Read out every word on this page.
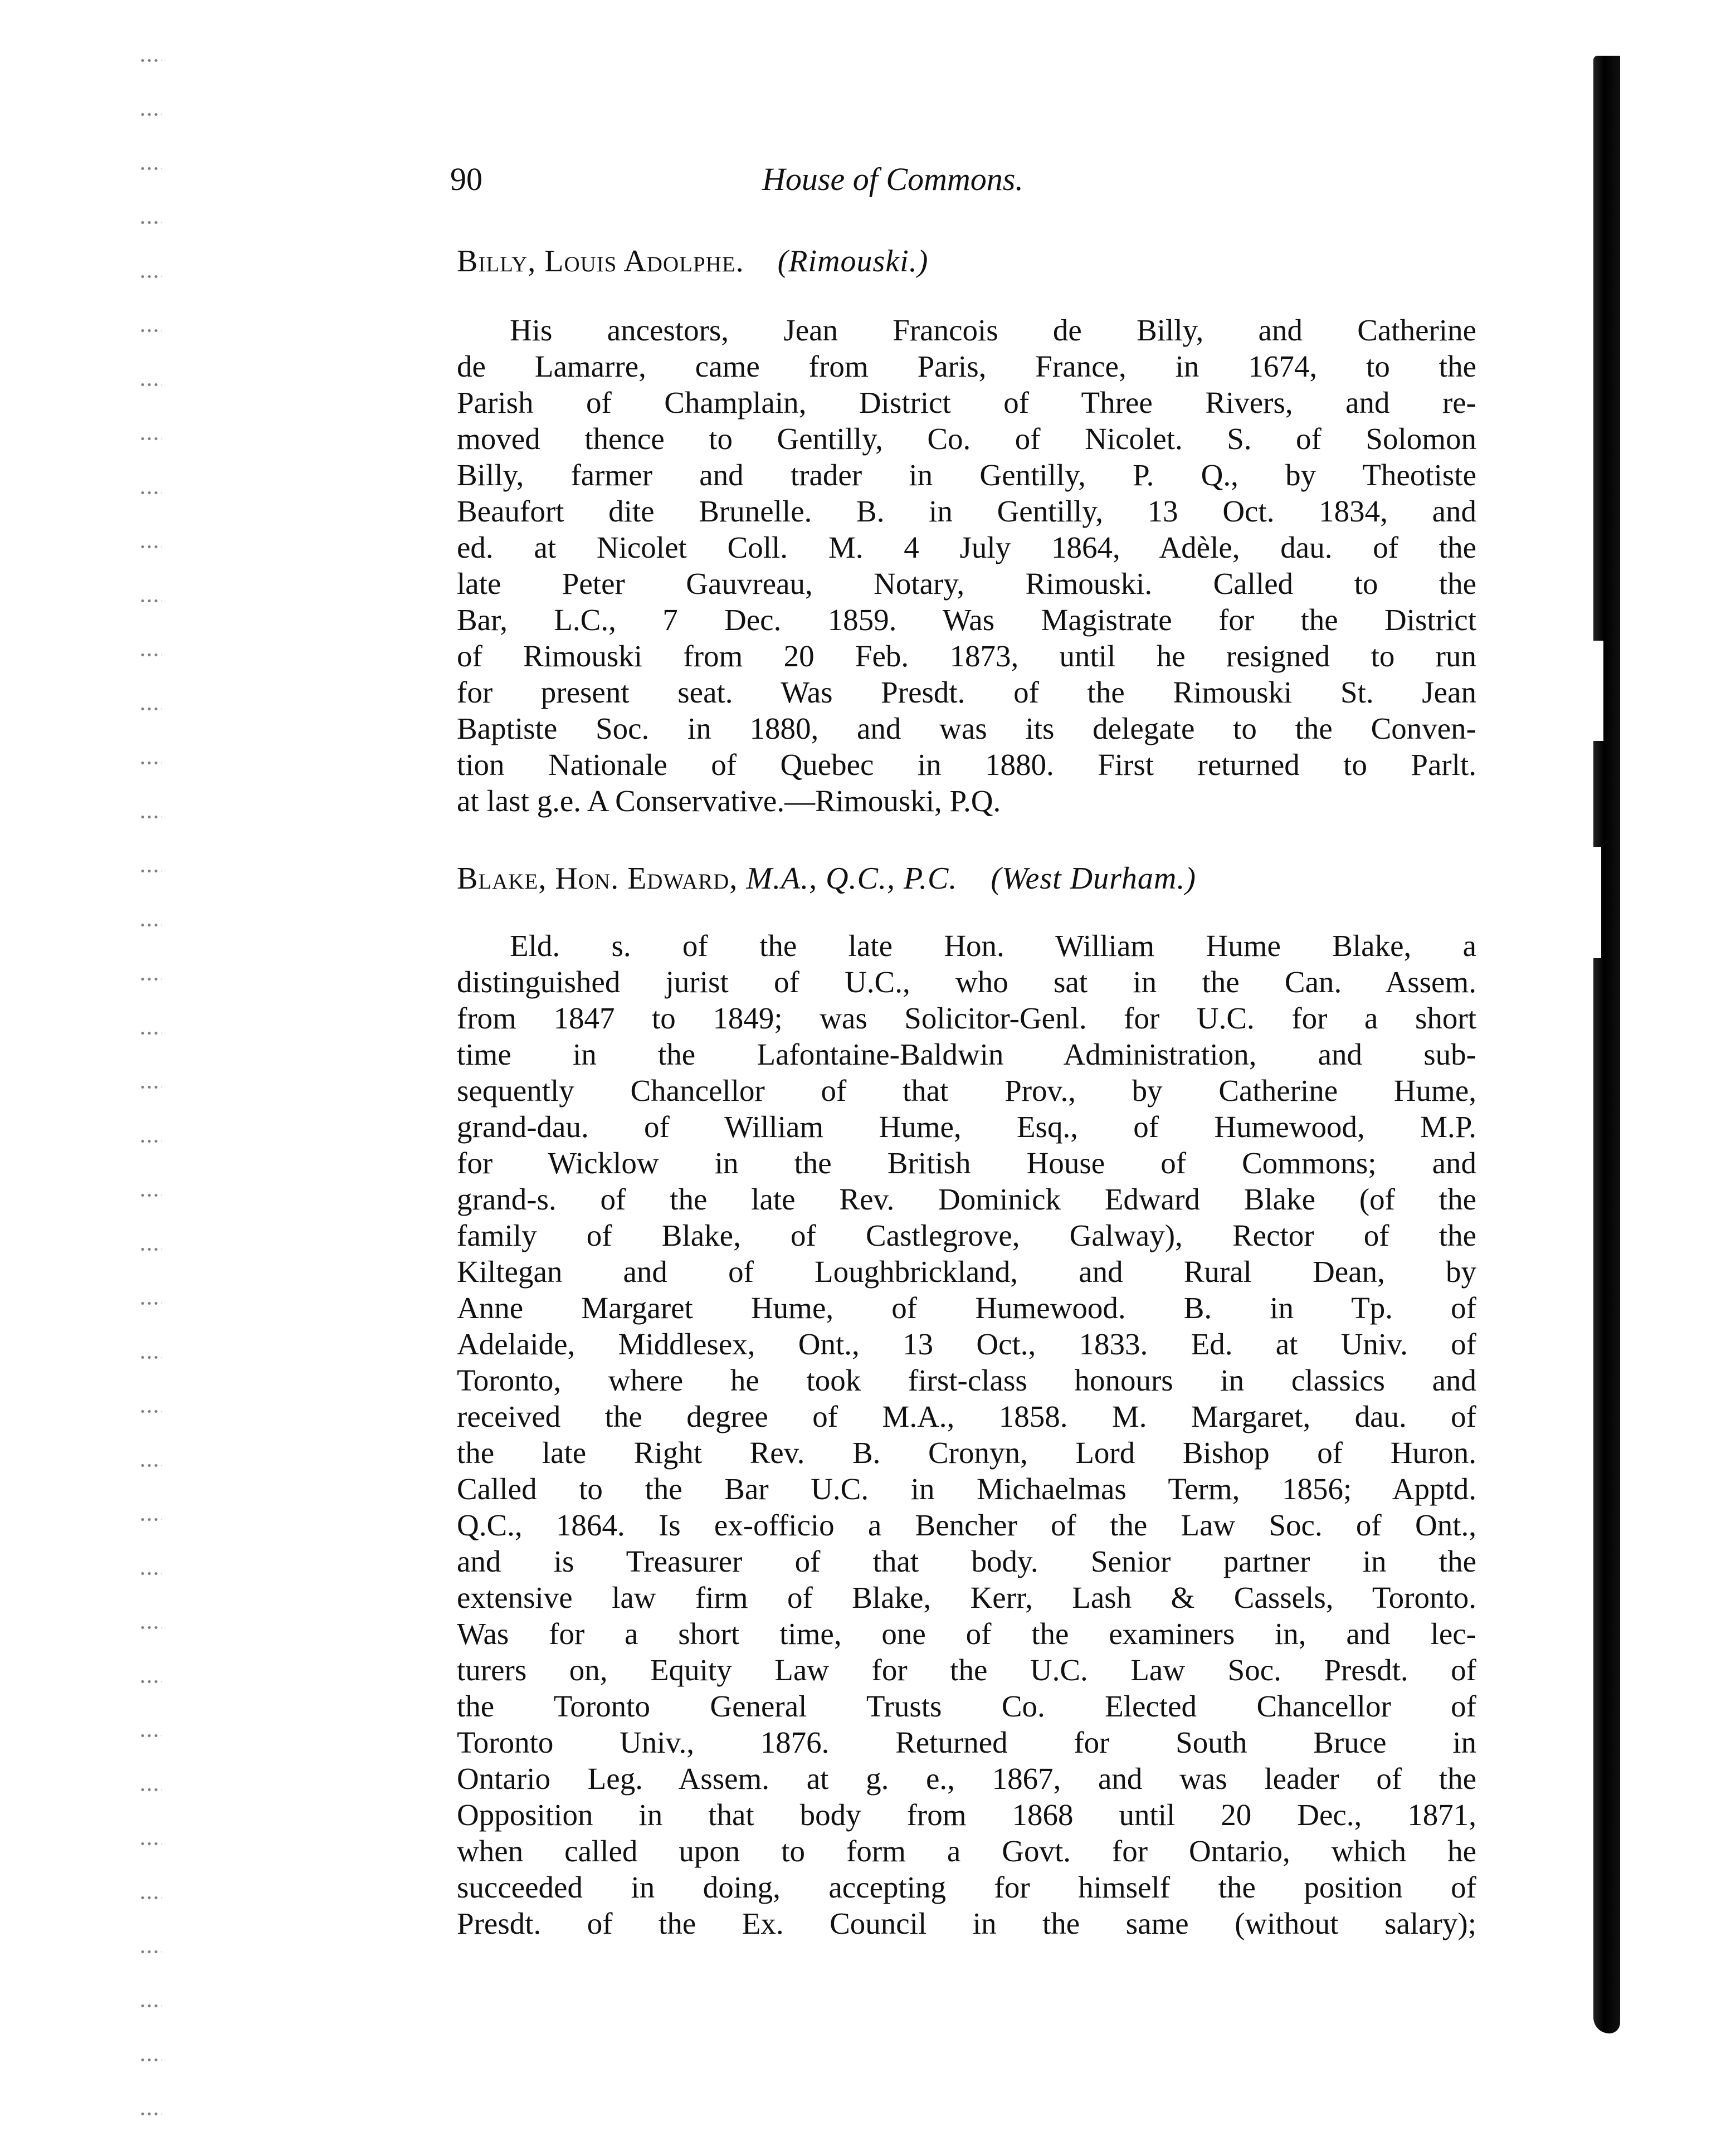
90	House of Commons.
Billy, Louis Adolphe. (Rimouski.)
His ancestors, Jean Francois de Billy, and Catherine
de Lamarre, came from Paris, France, in 1674, to the
Parish of Champlain, District of Three Rivers, and re-
moved thence to Gentilly, Co. of Nicolet. S. of Solomon
Billy, farmer and trader in Gentilly, P. Q., by Theotiste
Beaufort dite Brunelle. B. in Gentilly, 13 Oct. 1834, and
ed. at Nicolet Coll. M. 4 July 1864, Adèle, dau. of the
late Peter Gauvreau, Notary, Rimouski. Called to the
Bar, L.C., 7 Dec. 1859. Was Magistrate for the District
of Rimouski from 20 Feb. 1873, until he resigned to run
for present seat. Was Presdt. of the Rimouski St. Jean
Baptiste Soc. in 1880, and was its delegate to the Conven-
tion Nationale of Quebec in 1880. First returned to Parlt.
at last g.e. A Conservative.—Rimouski, P.Q.
Blake, Hon. Edward, M.A., Q.C., P.C. (West Durham.)
Eld. s. of the late Hon. William Hume Blake, a
distinguished jurist of U.C., who sat in the Can. Assem.
from 1847 to 1849; was Solicitor-Genl. for U.C. for a short
time in the Lafontaine-Baldwin Administration, and sub-
sequently Chancellor of that Prov., by Catherine Hume,
grand-dau. of William Hume, Esq., of Humewood, M.P.
for Wicklow in the British House of Commons; and
grand-s. of the late Rev. Dominick Edward Blake (of the
family of Blake, of Castlegrove, Galway), Rector of the
Kiltegan and of Loughbrickland, and Rural Dean, by
Anne Margaret Hume, of Humewood. B. in Tp. of
Adelaide, Middlesex, Ont., 13 Oct., 1833. Ed. at Univ. of
Toronto, where he took first-class honours in classics and
received the degree of M.A., 1858. M. Margaret, dau. of
the late Right Rev. B. Cronyn, Lord Bishop of Huron.
Called to the Bar U.C. in Michaelmas Term, 1856; Apptd.
Q.C., 1864. Is ex-officio a Bencher of the Law Soc. of Ont.,
and is Treasurer of that body. Senior partner in the
extensive law firm of Blake, Kerr, Lash & Cassels, Toronto.
Was for a short time, one of the examiners in, and lec-
turers on, Equity Law for the U.C. Law Soc. Presdt. of
the Toronto General Trusts Co. Elected Chancellor of
Toronto Univ., 1876. Returned for South Bruce in
Ontario Leg. Assem. at g. e., 1867, and was leader of the
Opposition in that body from 1868 until 20 Dec., 1871,
when called upon to form a Govt. for Ontario, which he
succeeded in doing, accepting for himself the position of
Presdt. of the Ex. Council in the same (without salary);
